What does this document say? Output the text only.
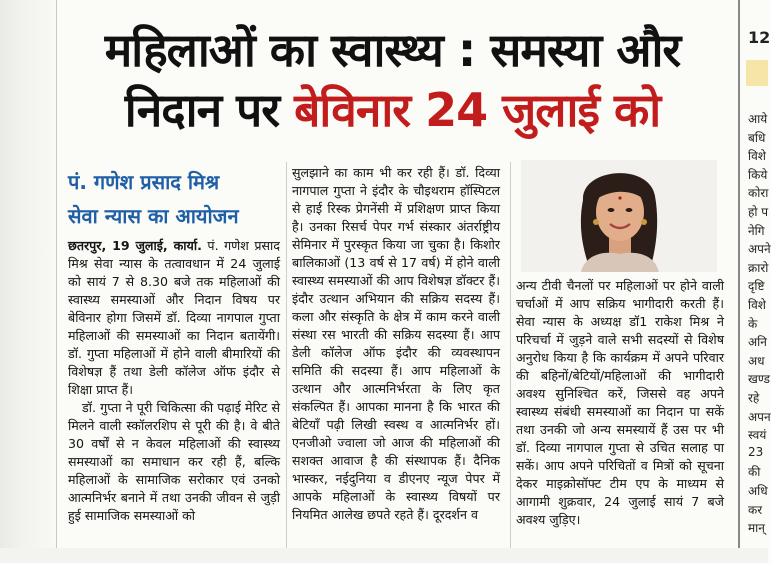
महिलाओं का स्वास्थ्य : समस्या और
निदान पर बेविनार 24 जुलाई को
पं. गणेश प्रसाद मिश्र
सेवा न्यास का आयोजन

छतरपुर, 19 जुलाई, कार्या. पं. गणेश प्रसाद मिश्र सेवा न्यास के तत्वावधान में 24 जुलाई को सायं 7 से 8.30 बजे तक महिलाओं की स्वास्थ्य समस्याओं और निदान विषय पर बेविनार होगा जिसमें डॉ. दिव्या नागपाल गुप्ता महिलाओं की समस्याओं का निदान बतायेंगी। डॉ. गुप्ता महिलाओं में होने वाली बीमारियों की विशेषज्ञ हैं तथा डेली कॉलेज ऑफ इंदौर से शिक्षा प्राप्त हैं।

डॉ. गुप्ता ने पूरी चिकित्सा की पढ़ाई मेरिट से मिलने वाली स्कॉलरशिप से पूरी की है। वे बीते 30 वर्षों से न केवल महिलाओं की स्वास्थ्य समस्याओं का समाधान कर रही हैं, बल्कि महिलाओं के सामाजिक सरोकार एवं उनको आत्मनिर्भर बनाने में तथा उनकी जीवन से जुड़ी हुई सामाजिक समस्याओं को

सुलझाने का काम भी कर रही हैं। डॉ. दिव्या नागपाल गुप्ता ने इंदौर के चौइथराम हॉस्पिटल से हाई रिस्क प्रेगनेंसी में प्रशिक्षण प्राप्त किया है। उनका रिसर्च पेपर गर्भ संस्कार अंतर्राष्ट्रीय सेमिनार में पुरस्कृत किया जा चुका है। किशोर बालिकाओं (13 वर्ष से 17 वर्ष) में होने वाली स्वास्थ्य समस्याओं की आप विशेषज्ञ डॉक्टर हैं। इंदौर उत्थान अभियान की सक्रिय सदस्य हैं। कला और संस्कृति के क्षेत्र में काम करने वाली संस्था रस भारती की सक्रिय सदस्या हैं। आप डेली कॉलेज ऑफ इंदौर की व्यवस्थापन समिति की सदस्या हैं। आप महिलाओं के उत्थान और आत्मनिर्भरता के लिए कृत संकल्पित हैं। आपका मानना है कि भारत की बेटियाँ पढ़ी लिखी स्वस्थ व आत्मनिर्भर हों। एनजीओ ज्वाला जो आज की महिलाओं की सशक्त आवाज है की संस्थापक हैं। दैनिक भास्कर, नईदुनिया व डीएनए न्यूज पेपर में आपके महिलाओं के स्वास्थ्य विषयों पर नियमित आलेख छपते रहते हैं। दूरदर्शन व

अन्य टीवी चैनलों पर महिलाओं पर होने वाली चर्चाओं में आप सक्रिय भागीदारी करती हैं। सेवा न्यास के अध्यक्ष डॉ1 राकेश मिश्र ने परिचर्चा में जुड़ने वाले सभी सदस्यों से विशेष अनुरोध किया है कि कार्यक्रम में अपने परिवार की बहिनों/बेटियों/महिलाओं की भागीदारी अवश्य सुनिश्चित करें, जिससे वह अपने स्वास्थ्य संबंधी समस्याओं का निदान पा सकें तथा उनकी जो अन्य समस्यायें हैं उस पर भी डॉ. दिव्या नागपाल गुप्ता से उचित सलाह पा सकें। आप अपने परिचितों व मित्रों को सूचना देकर माइक्रोसॉफ्ट टीम एप के माध्यम से आगामी शुक्रवार, 24 जुलाई सायं 7 बजे अवश्य जुड़िए।

12
आये
बधि
विशे
किये
कोरा
हो प
नेगि
अपने
क्रारो
दृष्टि
विशे
के
अनि
अध
खण्ड
रहे
अपन
स्वयं
23
की
अधि
कर
मान्
